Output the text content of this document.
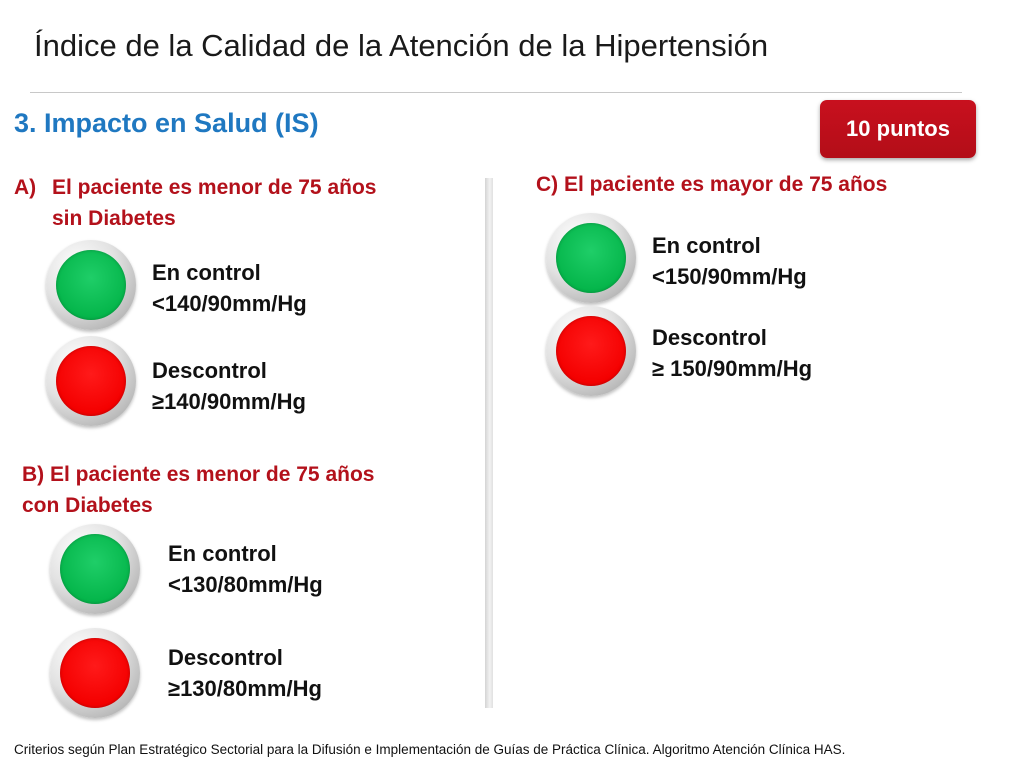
Índice de la Calidad de la Atención de la Hipertensión
3. Impacto en Salud (IS)	10 puntos
A) El paciente es menor de 75 años
sin Diabetes
En control
<140/90mm/Hg
Descontrol
≥140/90mm/Hg
B) El paciente es menor de 75 años
con Diabetes
En control
<130/80mm/Hg
Descontrol
≥130/80mm/Hg
C) El paciente es mayor de 75 años
En control
<150/90mm/Hg
Descontrol
≥ 150/90mm/Hg
Criterios según Plan Estratégico Sectorial para la Difusión e Implementación de Guías de Práctica Clínica. Algoritmo Atención Clínica HAS.
